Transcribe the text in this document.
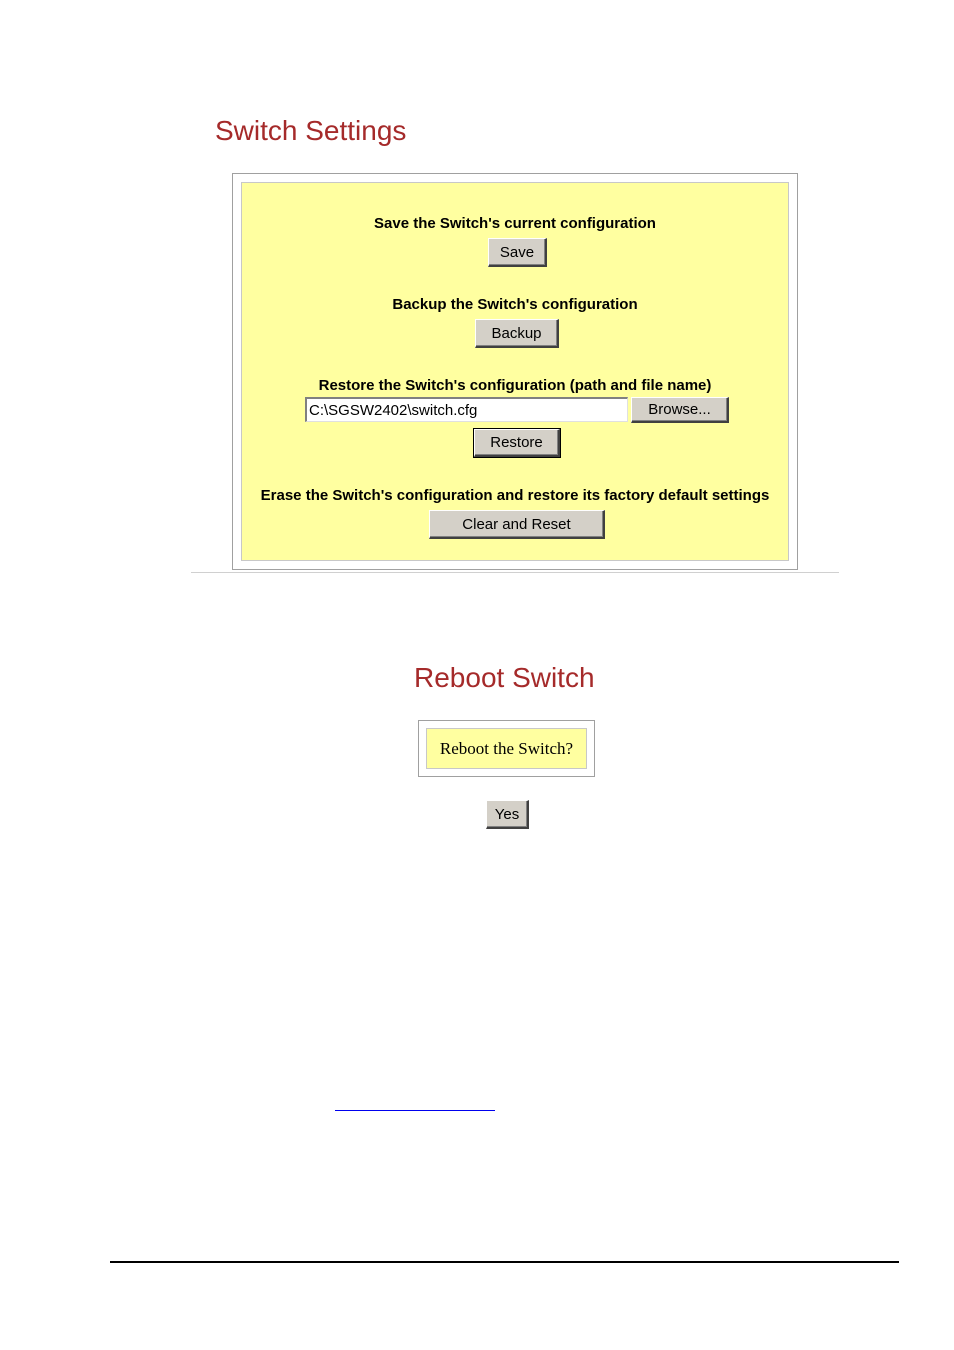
Switch Settings
Save the Switch's current configuration
Save
Backup the Switch's configuration
Backup
Restore the Switch's configuration (path and file name)
C:\SGSW2402\switch.cfg
Browse...
Restore
Erase the Switch's configuration and restore its factory default settings
Clear and Reset
Reboot Switch
Reboot the Switch?
Yes
